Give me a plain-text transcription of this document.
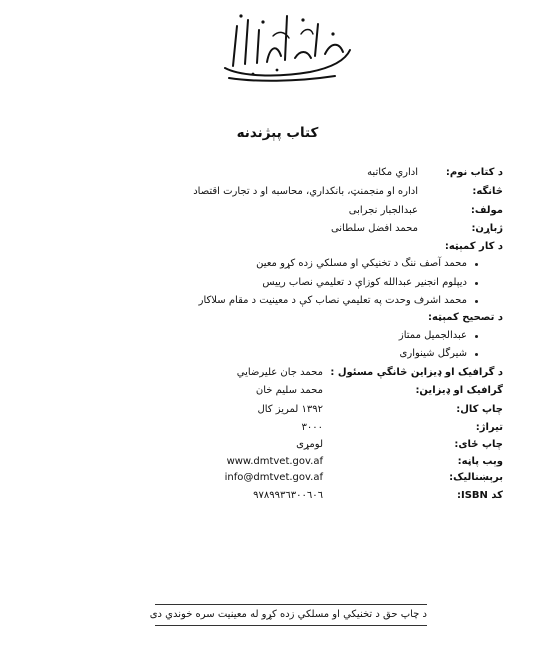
کتاب پېژندنه
د کتاب نوم:
اداري مکاتبه
څانگه:
اداره او منجمنټ، بانکداري، محاسبه او د تجارت اقتصاد
مولف:
عبدالجبار نجرابی
ژباړن:
محمد افضل سلطانی
د کار کمېټه:
محمد آصف ننگ د تخنيکي او مسلکي زده کړو معين
ديپلوم انجنير عبدالله کوزاې د تعليمي نصاب رييس
محمد اشرف وحدت په تعليمي نصاب کې د معينيت د مقام سلاکار
د تصحيح کمېټه:
عبدالجمیل ممتاز
شیرگل شینواری
د گرافيک او ډيزاين څانگې مسئول :
محمد جان علیرضایي
گرافيک او ډيزاين:
محمد سلیم خان
چاپ کال:
۱۳۹۲ لمریز کال
تيراژ:
۳۰۰۰
چاپ ځای:
لومړی
وېب پاڼه:
www.dmtvet.gov.af
برېښناليک:
info@dmtvet.gov.af
کد ISBN:
۹۷۸۹۹۳٦۳۰۰٦۰٦
د چاپ حق د تخنيکي او مسلکي زده کړو له معينيت سره خوندي دی
